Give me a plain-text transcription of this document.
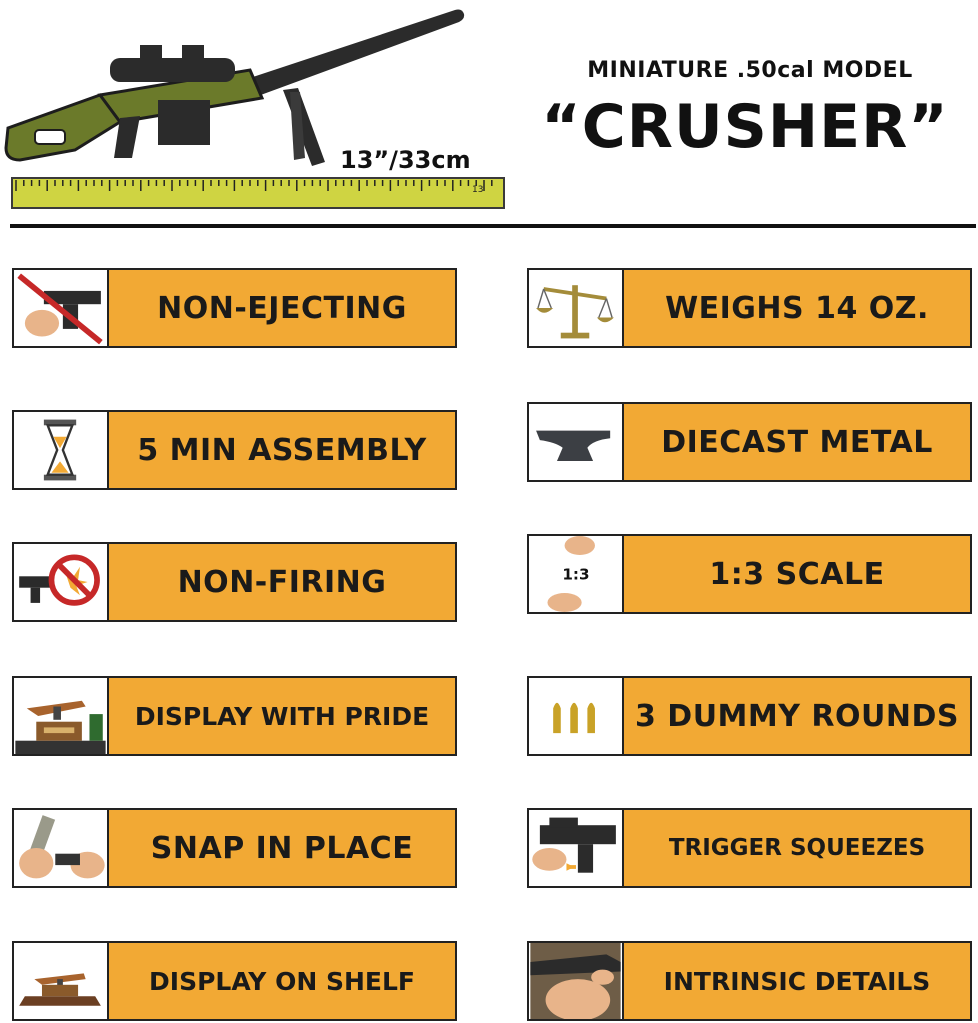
13
13”/33cm
MINIATURE .50cal MODEL
“CRUSHER”
NON-EJECTING
5 MIN ASSEMBLY
NON-FIRING
DISPLAY WITH PRIDE
SNAP IN PLACE
DISPLAY ON SHELF
WEIGHS 14 OZ.
DIECAST METAL
1:3	1:3 SCALE
3 DUMMY ROUNDS
TRIGGER SQUEEZES
INTRINSIC DETAILS
